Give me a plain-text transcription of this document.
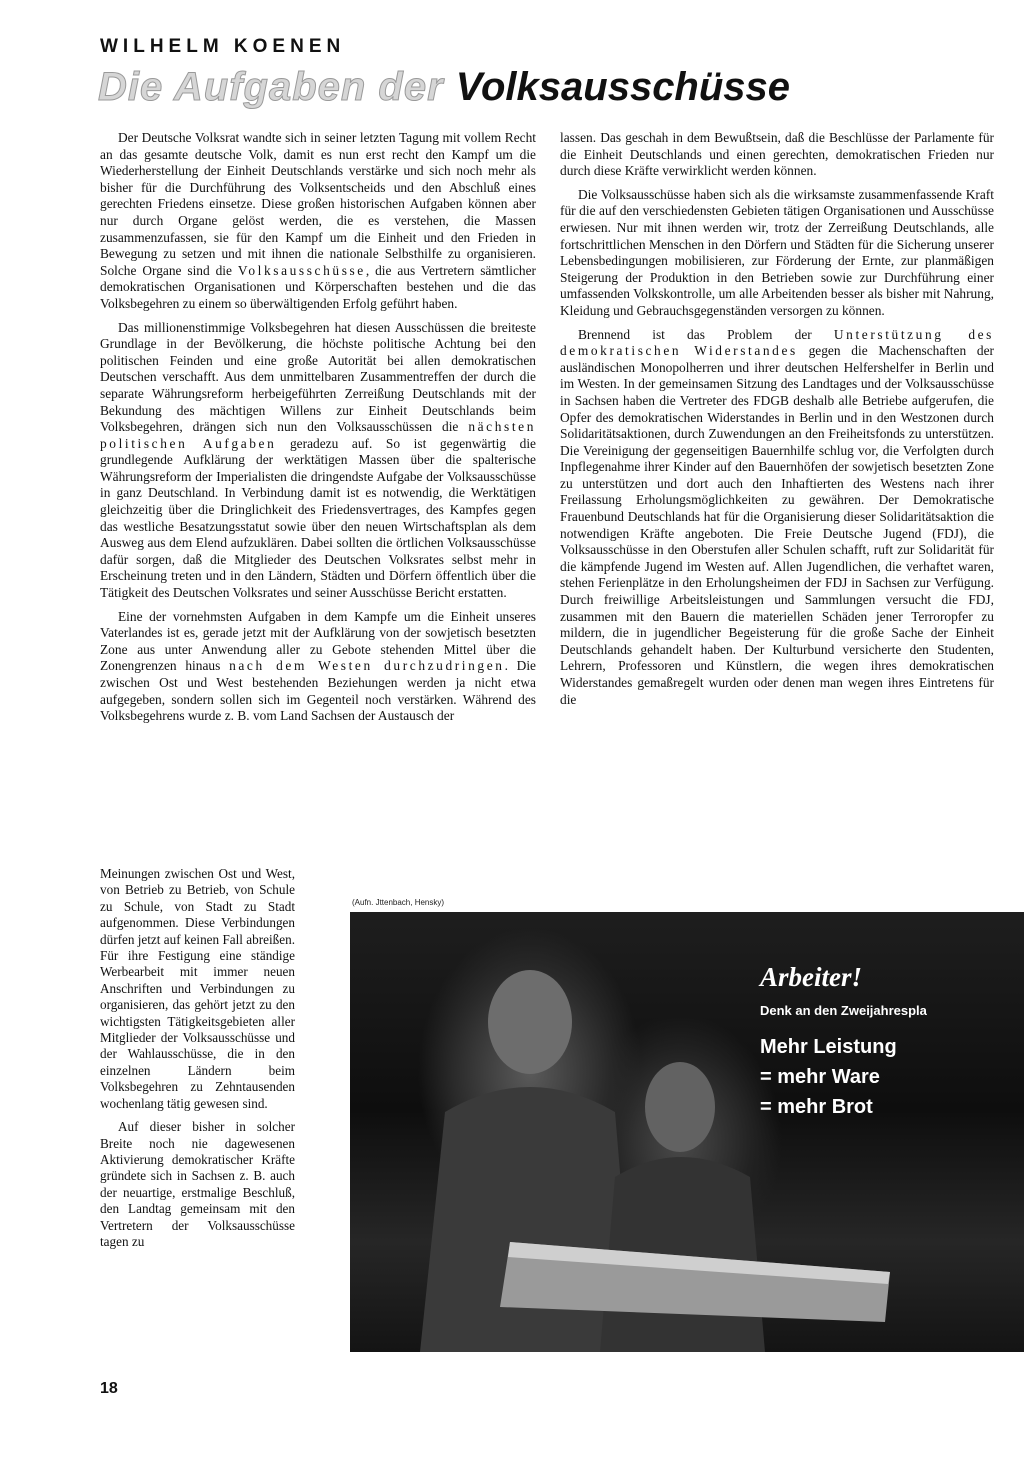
WILHELM KOENEN
Die Aufgaben der Volksausschüsse

Der Deutsche Volksrat wandte sich in seiner letzten Tagung mit vollem Recht an das gesamte deutsche Volk, damit es nun erst recht den Kampf um die Wiederherstellung der Einheit Deutschlands verstärke und sich noch mehr als bisher für die Durchführung des Volksentscheids und den Abschluß eines gerechten Friedens einsetze. Diese großen historischen Aufgaben können aber nur durch Organe gelöst werden, die es verstehen, die Massen zusammenzufassen, sie für den Kampf um die Einheit und den Frieden in Bewegung zu setzen und mit ihnen die nationale Selbsthilfe zu organisieren. Solche Organe sind die Volksausschüsse, die aus Vertretern sämtlicher demokratischen Organisationen und Körperschaften bestehen und die das Volksbegehren zu einem so überwältigenden Erfolg geführt haben.

Das millionenstimmige Volksbegehren hat diesen Ausschüssen die breiteste Grundlage in der Bevölkerung, die höchste politische Achtung bei den politischen Feinden und eine große Autorität bei allen demokratischen Deutschen verschafft. Aus dem unmittelbaren Zusammentreffen der durch die separate Währungsreform herbeigeführten Zerreißung Deutschlands mit der Bekundung des mächtigen Willens zur Einheit Deutschlands beim Volksbegehren, drängen sich nun den Volksausschüssen die nächsten politischen Aufgaben geradezu auf. So ist gegenwärtig die grundlegende Aufklärung der werktätigen Massen über die spalterische Währungsreform der Imperialisten die dringendste Aufgabe der Volksausschüsse in ganz Deutschland. In Verbindung damit ist es notwendig, die Werktätigen gleichzeitig über die Dringlichkeit des Friedensvertrages, des Kampfes gegen das westliche Besatzungsstatut sowie über den neuen Wirtschaftsplan als dem Ausweg aus dem Elend aufzuklären. Dabei sollten die örtlichen Volksausschüsse dafür sorgen, daß die Mitglieder des Deutschen Volksrates selbst mehr in Erscheinung treten und in den Ländern, Städten und Dörfern öffentlich über die Tätigkeit des Deutschen Volksrates und seiner Ausschüsse Bericht erstatten.

Eine der vornehmsten Aufgaben in dem Kampfe um die Einheit unseres Vaterlandes ist es, gerade jetzt mit der Aufklärung von der sowjetisch besetzten Zone aus unter Anwendung aller zu Gebote stehenden Mittel über die Zonengrenzen hinaus nach dem Westen durchzudringen. Die zwischen Ost und West bestehenden Beziehungen werden ja nicht etwa aufgegeben, sondern sollen sich im Gegenteil noch verstärken. Während des Volksbegehrens wurde z. B. vom Land Sachsen der Austausch der

Meinungen zwischen Ost und West, von Betrieb zu Betrieb, von Schule zu Schule, von Stadt zu Stadt aufgenommen. Diese Verbindungen dürfen jetzt auf keinen Fall abreißen. Für ihre Festigung eine ständige Werbearbeit mit immer neuen Anschriften und Verbindungen zu organisieren, das gehört jetzt zu den wichtigsten Tätigkeitsgebieten aller Mitglieder der Volksausschüsse und der Wahlausschüsse, die in den einzelnen Ländern beim Volksbegehren zu Zehntausenden wochenlang tätig gewesen sind.

Auf dieser bisher in solcher Breite noch nie dagewesenen Aktivierung demokratischer Kräfte gründete sich in Sachsen z. B. auch der neuartige, erstmalige Beschluß, den Landtag gemeinsam mit den Vertretern der Volksausschüsse tagen zu

lassen. Das geschah in dem Bewußtsein, daß die Beschlüsse der Parlamente für die Einheit Deutschlands und einen gerechten, demokratischen Frieden nur durch diese Kräfte verwirklicht werden können.

Die Volksausschüsse haben sich als die wirksamste zusammenfassende Kraft für die auf den verschiedensten Gebieten tätigen Organisationen und Ausschüsse erwiesen. Nur mit ihnen werden wir, trotz der Zerreißung Deutschlands, alle fortschrittlichen Menschen in den Dörfern und Städten für die Sicherung unserer Lebensbedingungen mobilisieren, zur Förderung der Ernte, zur planmäßigen Steigerung der Produktion in den Betrieben sowie zur Durchführung einer umfassenden Volkskontrolle, um alle Arbeitenden besser als bisher mit Nahrung, Kleidung und Gebrauchsgegenständen versorgen zu können.

Brennend ist das Problem der Unterstützung des demokratischen Widerstandes gegen die Machenschaften der ausländischen Monopolherren und ihrer deutschen Helfershelfer in Berlin und im Westen. In der gemeinsamen Sitzung des Landtages und der Volksausschüsse in Sachsen haben die Vertreter des FDGB deshalb alle Betriebe aufgerufen, die Opfer des demokratischen Widerstandes in Berlin und in den Westzonen durch Solidaritätsaktionen, durch Zuwendungen an den Freiheitsfonds zu unterstützen. Die Vereinigung der gegenseitigen Bauernhilfe schlug vor, die Verfolgten durch Inpflegenahme ihrer Kinder auf den Bauernhöfen der sowjetisch besetzten Zone zu unterstützen und dort auch den Inhaftierten des Westens nach ihrer Freilassung Erholungsmöglichkeiten zu gewähren. Der Demokratische Frauenbund Deutschlands hat für die Organisierung dieser Solidaritätsaktion die notwendigen Kräfte angeboten. Die Freie Deutsche Jugend (FDJ), die Volksausschüsse in den Oberstufen aller Schulen schafft, ruft zur Solidarität für die kämpfende Jugend im Westen auf. Allen Jugendlichen, die verhaftet waren, stehen Ferienplätze in den Erholungsheimen der FDJ in Sachsen zur Verfügung. Durch freiwillige Arbeitsleistungen und Sammlungen versucht die FDJ, zusammen mit den Bauern die materiellen Schäden jener Terroropfer zu mildern, die in jugendlicher Begeisterung für die große Sache der Einheit Deutschlands gehandelt haben. Der Kulturbund versicherte den Studenten, Lehrern, Professoren und Künstlern, die wegen ihres demokratischen Widerstandes gemaßregelt wurden oder denen man wegen ihres Eintretens für die

(Aufn. Jttenbach, Hensky)
Arbeiter!
Denk an den Zweijahrespla
Mehr Leistung
= mehr Ware
= mehr Brot
18
